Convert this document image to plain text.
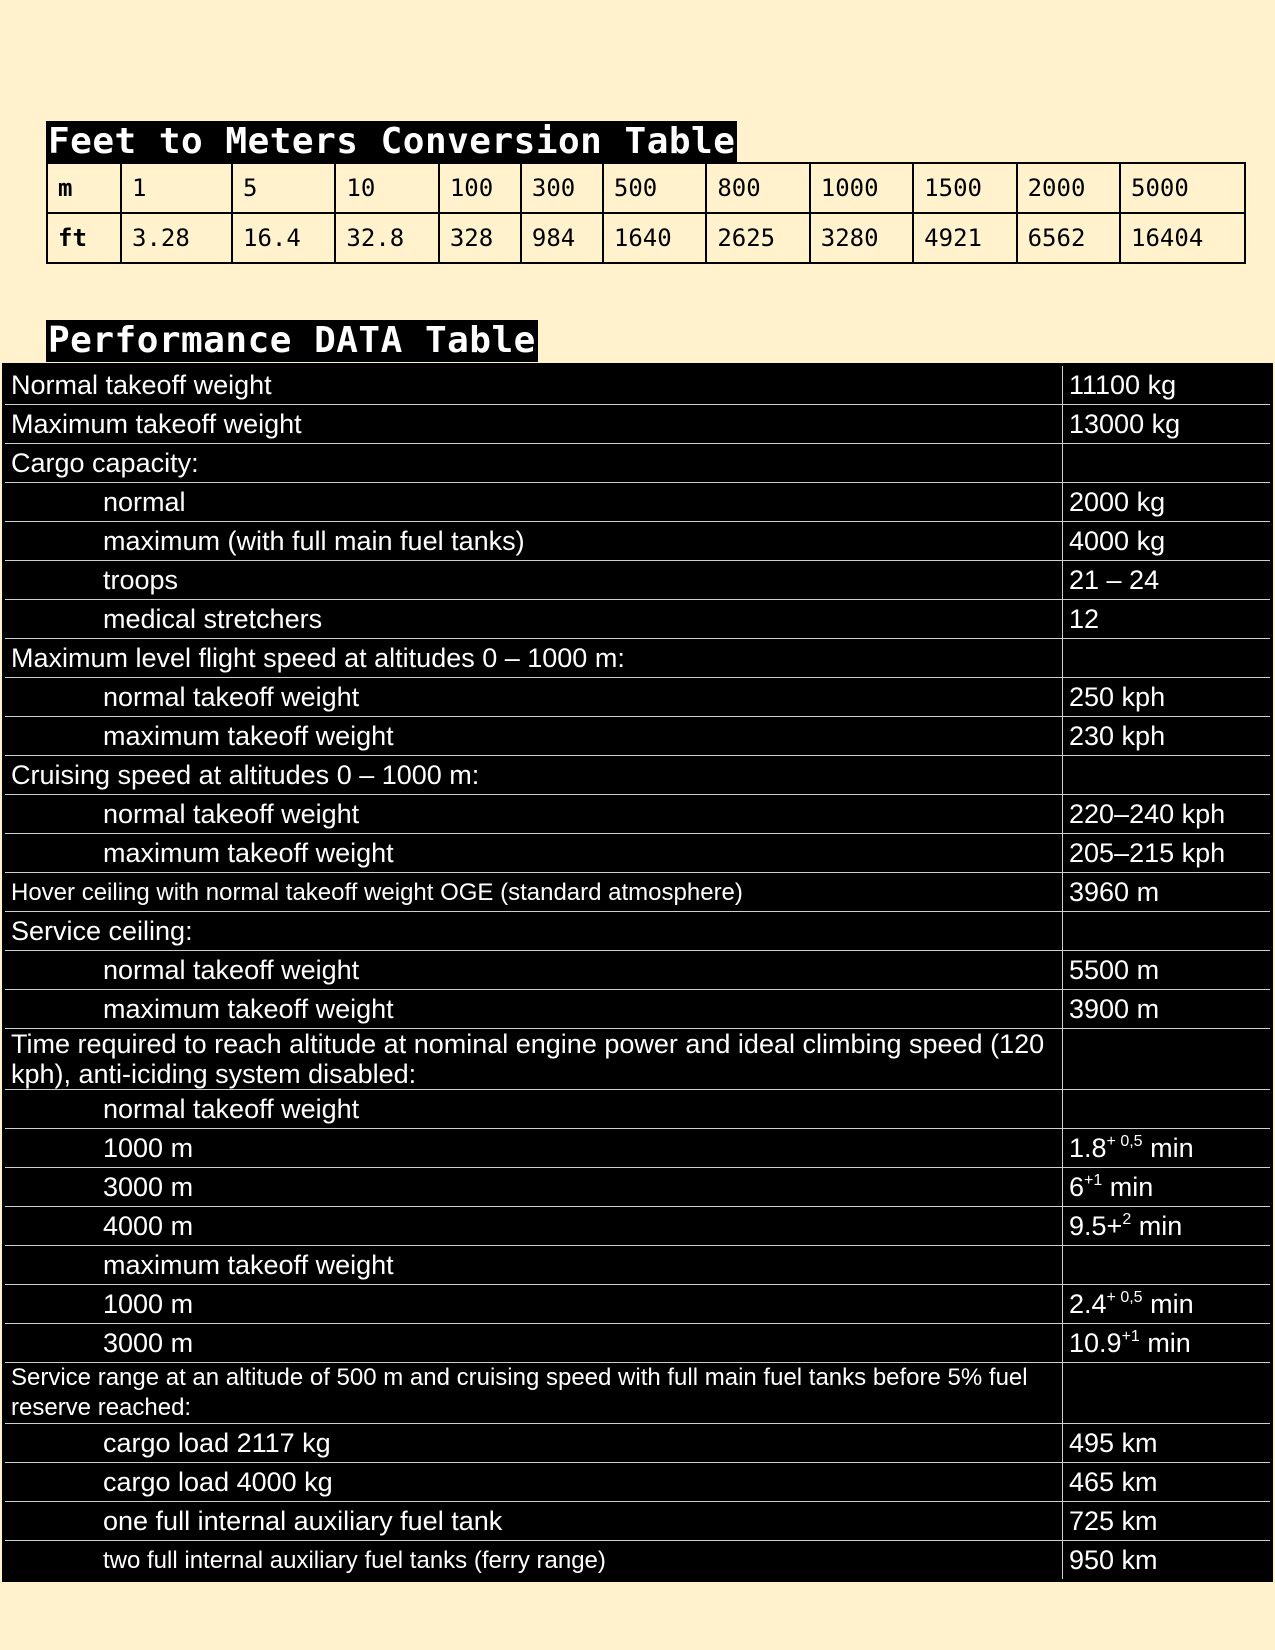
Feet to Meters Conversion Table
m	1	5	10	100	300	500	800	1000	1500	2000	5000
ft	3.28	16.4	32.8	328	984	1640	2625	3280	4921	6562	16404
Performance DATA Table
Normal takeoff weight	11100 kg
Maximum takeoff weight	13000 kg
Cargo capacity:	
normal	2000 kg
maximum (with full main fuel tanks)	4000 kg
troops	21 – 24
medical stretchers	12
Maximum level flight speed at altitudes 0 – 1000 m:	
normal takeoff weight	250 kph
maximum takeoff weight	230 kph
Cruising speed at altitudes 0 – 1000 m:	
normal takeoff weight	220–240 kph
maximum takeoff weight	205–215 kph
Hover ceiling with normal takeoff weight OGE (standard atmosphere)	3960 m
Service ceiling:	
normal takeoff weight	5500 m
maximum takeoff weight	3900 m
Time required to reach altitude at nominal engine power and ideal climbing speed (120 kph), anti-iciding system disabled:	
normal takeoff weight	
1000 m	$1.8^{+ 0,5}$ min
3000 m	$6^{+1}$ min
4000 m	9.5+$^2$ min
maximum takeoff weight	
1000 m	$2.4^{+ 0,5}$ min
3000 m	$10.9^{+1}$ min
Service range at an altitude of 500 m and cruising speed with full main fuel tanks before 5% fuel reserve reached:	
cargo load 2117 kg	495 km
cargo load 4000 kg	465 km
one full internal auxiliary fuel tank	725 km
two full internal auxiliary fuel tanks (ferry range)	950 km
